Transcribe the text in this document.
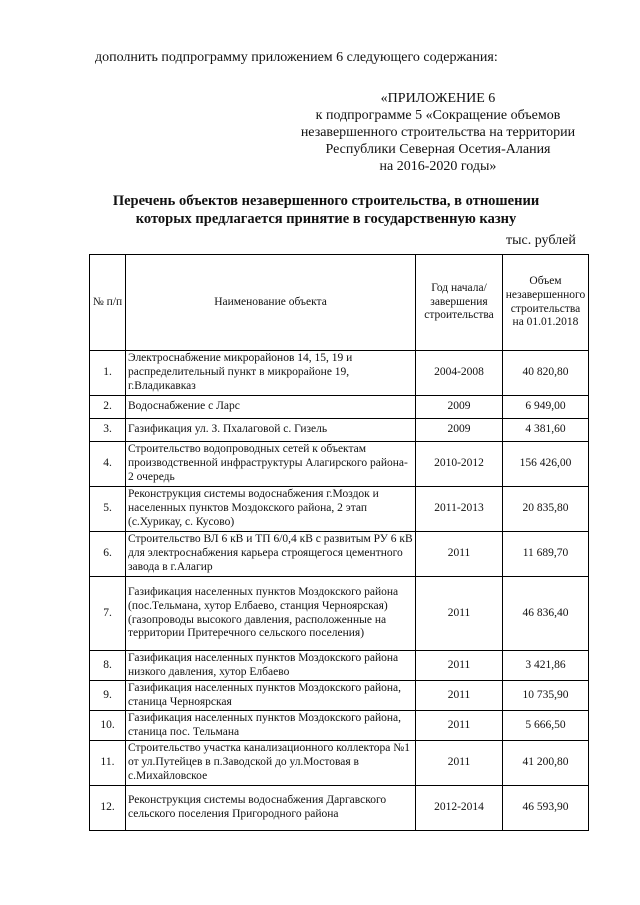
дополнить подпрограмму приложением 6 следующего содержания:
«ПРИЛОЖЕНИЕ 6
к подпрограмме 5 «Сокращение объемов
незавершенного строительства на территории
Республики Северная Осетия-Алания
на 2016-2020 годы»
Перечень объектов незавершенного строительства, в отношении
которых предлагается принятие в государственную казну
тыс. рублей
№ п/п	Наименование объекта	Год начала/ завершения строительства	Объем незавершенного строительства на 01.01.2018
1.	Электроснабжение микрорайонов 14, 15, 19 и распределительный пункт в микрорайоне 19, г.Владикавказ	2004-2008	40 820,80
2.	Водоснабжение с Ларс	2009	6 949,00
3.	Газификация ул. З. Пхалаговой с. Гизель	2009	4 381,60
4.	Строительство водопроводных сетей к объектам производственной инфраструктуры Алагирского района- 2 очередь	2010-2012	156 426,00
5.	Реконструкция системы водоснабжения г.Моздок и населенных пунктов Моздокского района, 2 этап (с.Хурикау, с. Кусово)	2011-2013	20 835,80
6.	Строительство ВЛ 6 кВ и ТП 6/0,4 кВ с развитым РУ 6 кВ для электроснабжения карьера строящегося цементного завода в г.Алагир	2011	11 689,70
7.	Газификация населенных пунктов Моздокского района (пос.Тельмана, хутор Елбаево, станция Черноярская) (газопроводы высокого давления, расположенные на территории Притеречного сельского поселения)	2011	46 836,40
8.	Газификация населенных пунктов Моздокского района низкого давления, хутор Елбаево	2011	3 421,86
9.	Газификация населенных пунктов Моздокского района, станица Черноярская	2011	10 735,90
10.	Газификация населенных пунктов Моздокского района, станица пос. Тельмана	2011	5 666,50
11.	Строительство участка канализационного коллектора №1 от ул.Путейцев в п.Заводской до ул.Мостовая в с.Михайловское	2011	41 200,80
12.	Реконструкция системы водоснабжения Даргавского сельского поселения Пригородного района	2012-2014	46 593,90
